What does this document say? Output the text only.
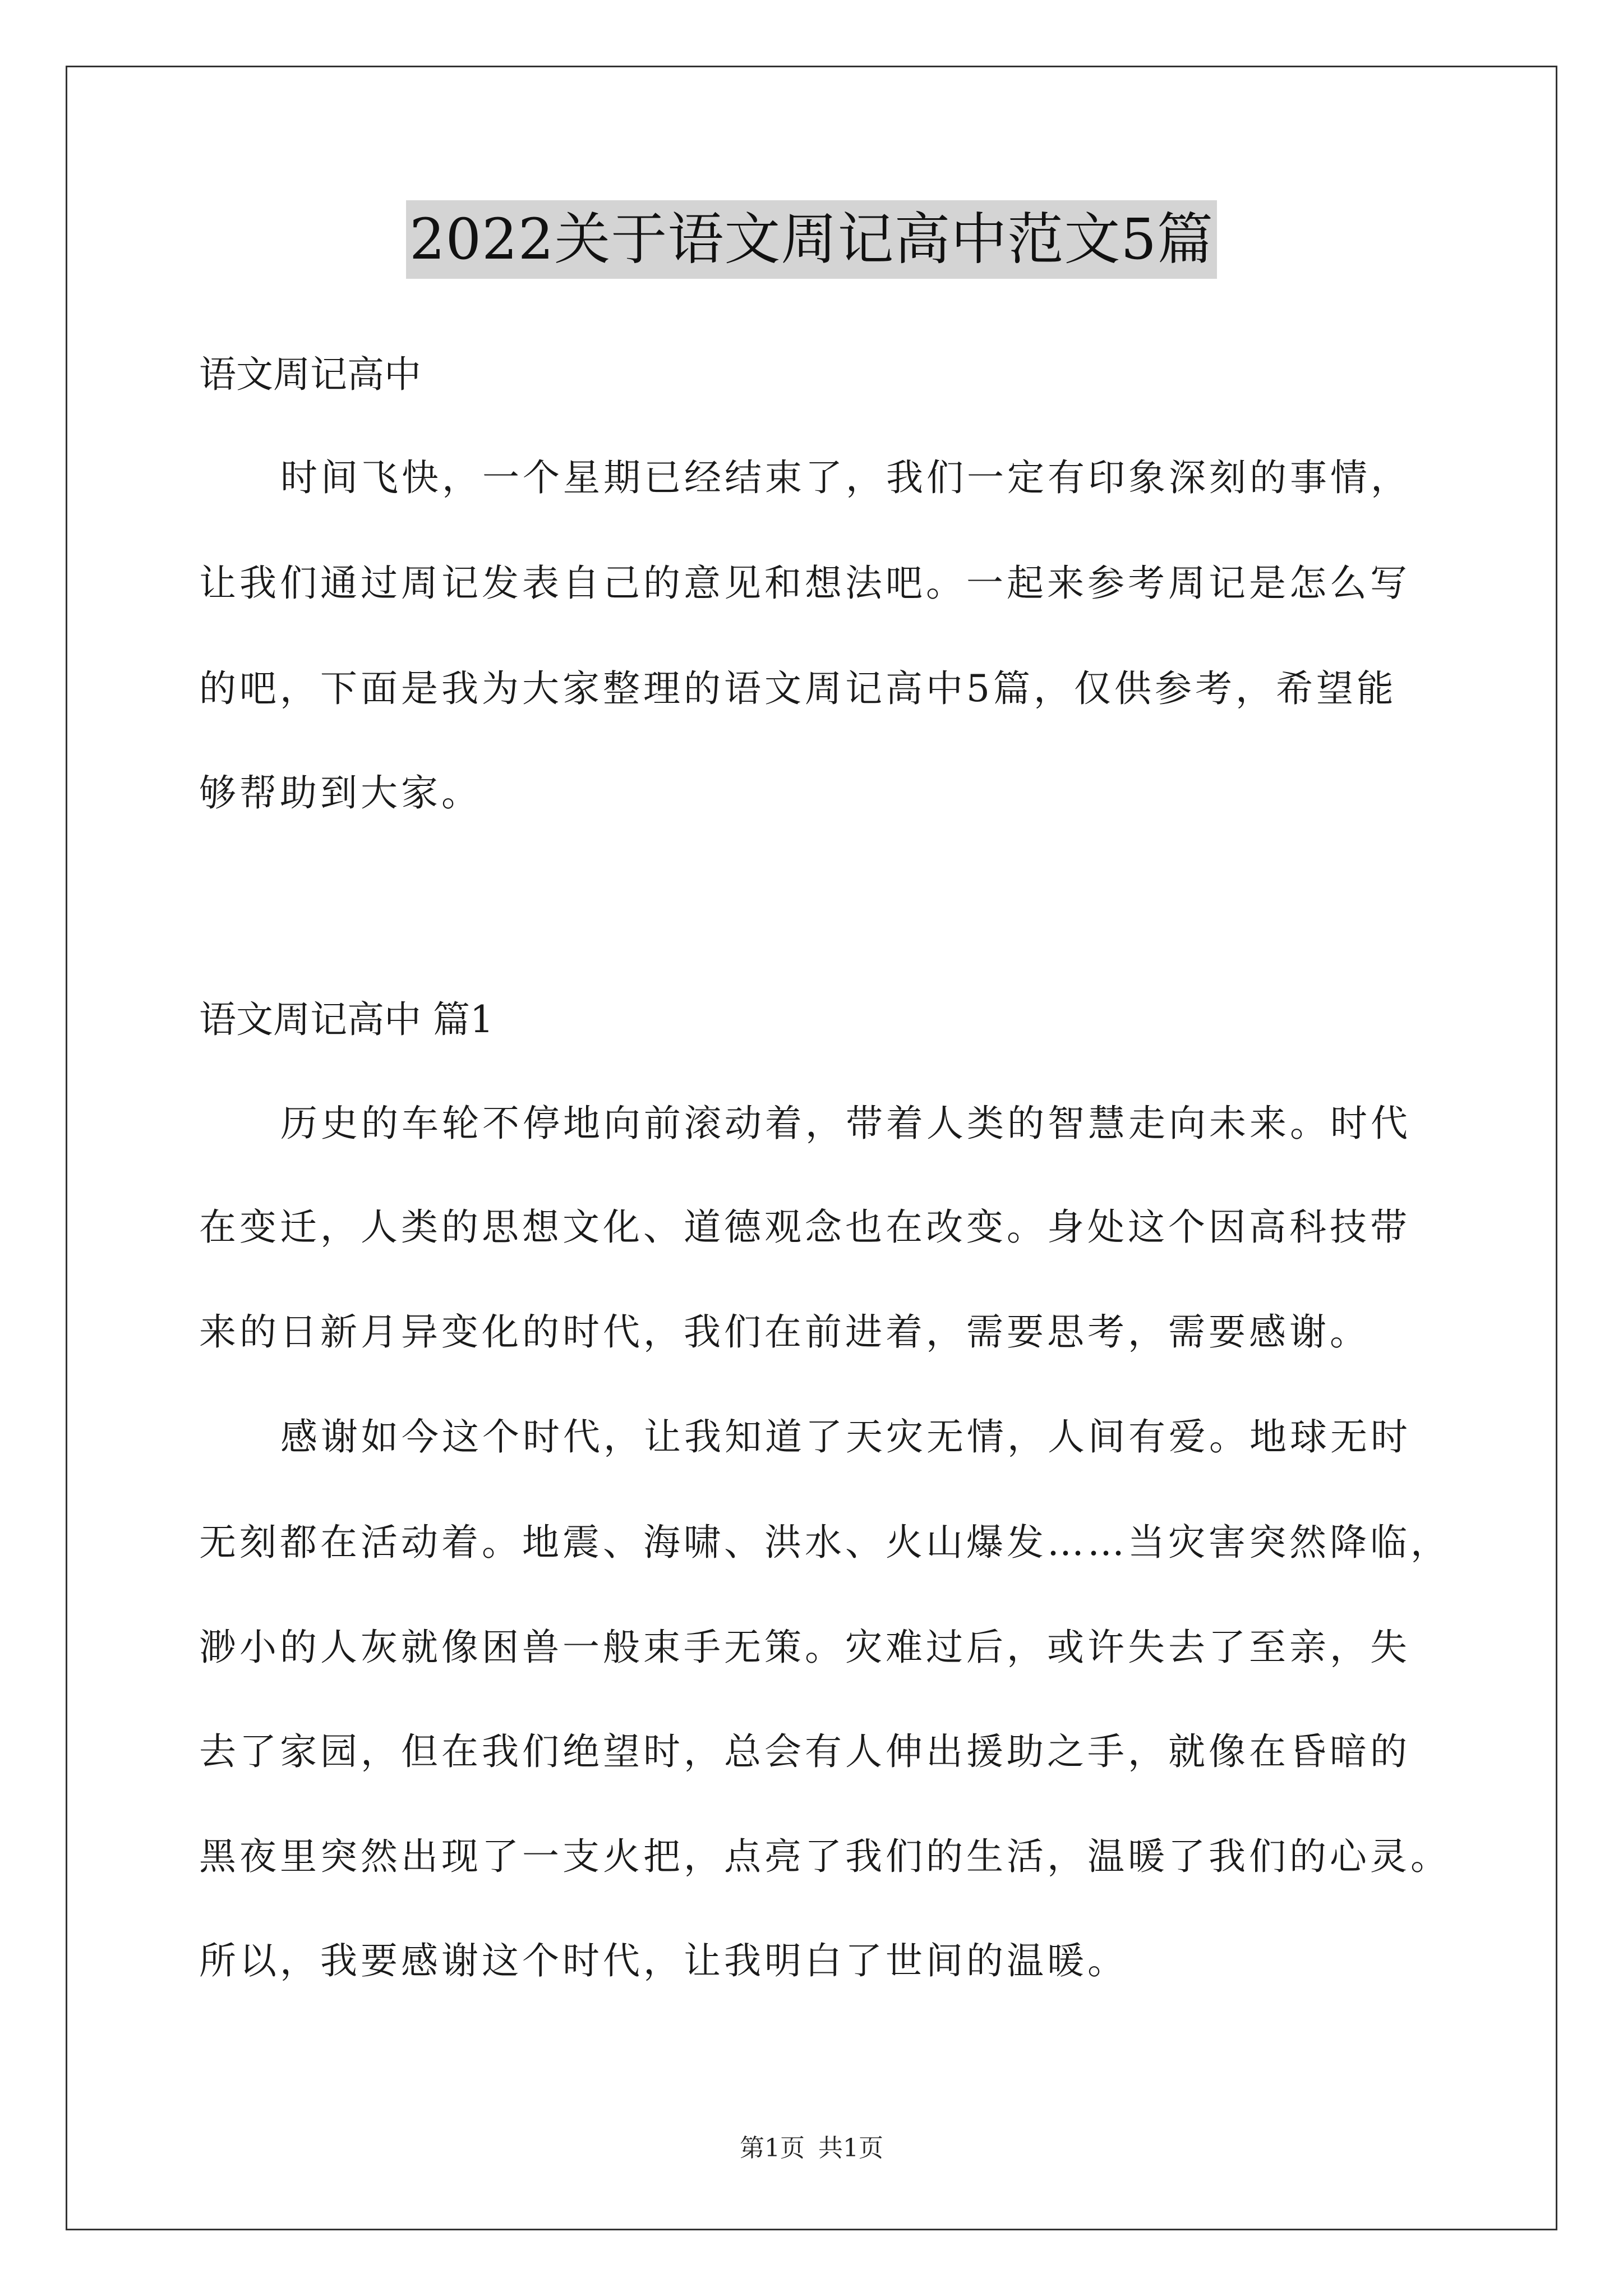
2022关于语文周记高中范文5篇
语文周记高中
时间飞快，一个星期已经结束了，我们一定有印象深刻的事情，
让我们通过周记发表自己的意见和想法吧。一起来参考周记是怎么写
的吧，下面是我为大家整理的语文周记高中5篇，仅供参考，希望能
够帮助到大家。
语文周记高中 篇1
历史的车轮不停地向前滚动着，带着人类的智慧走向未来。时代
在变迁，人类的思想文化、道德观念也在改变。身处这个因高科技带
来的日新月异变化的时代，我们在前进着，需要思考，需要感谢。
感谢如今这个时代，让我知道了天灾无情，人间有爱。地球无时
无刻都在活动着。地震、海啸、洪水、火山爆发……当灾害突然降临，
渺小的人灰就像困兽一般束手无策。灾难过后，或许失去了至亲，失
去了家园，但在我们绝望时，总会有人伸出援助之手，就像在昏暗的
黑夜里突然出现了一支火把，点亮了我们的生活，温暖了我们的心灵。
所以，我要感谢这个时代，让我明白了世间的温暖。
第1页 共1页
